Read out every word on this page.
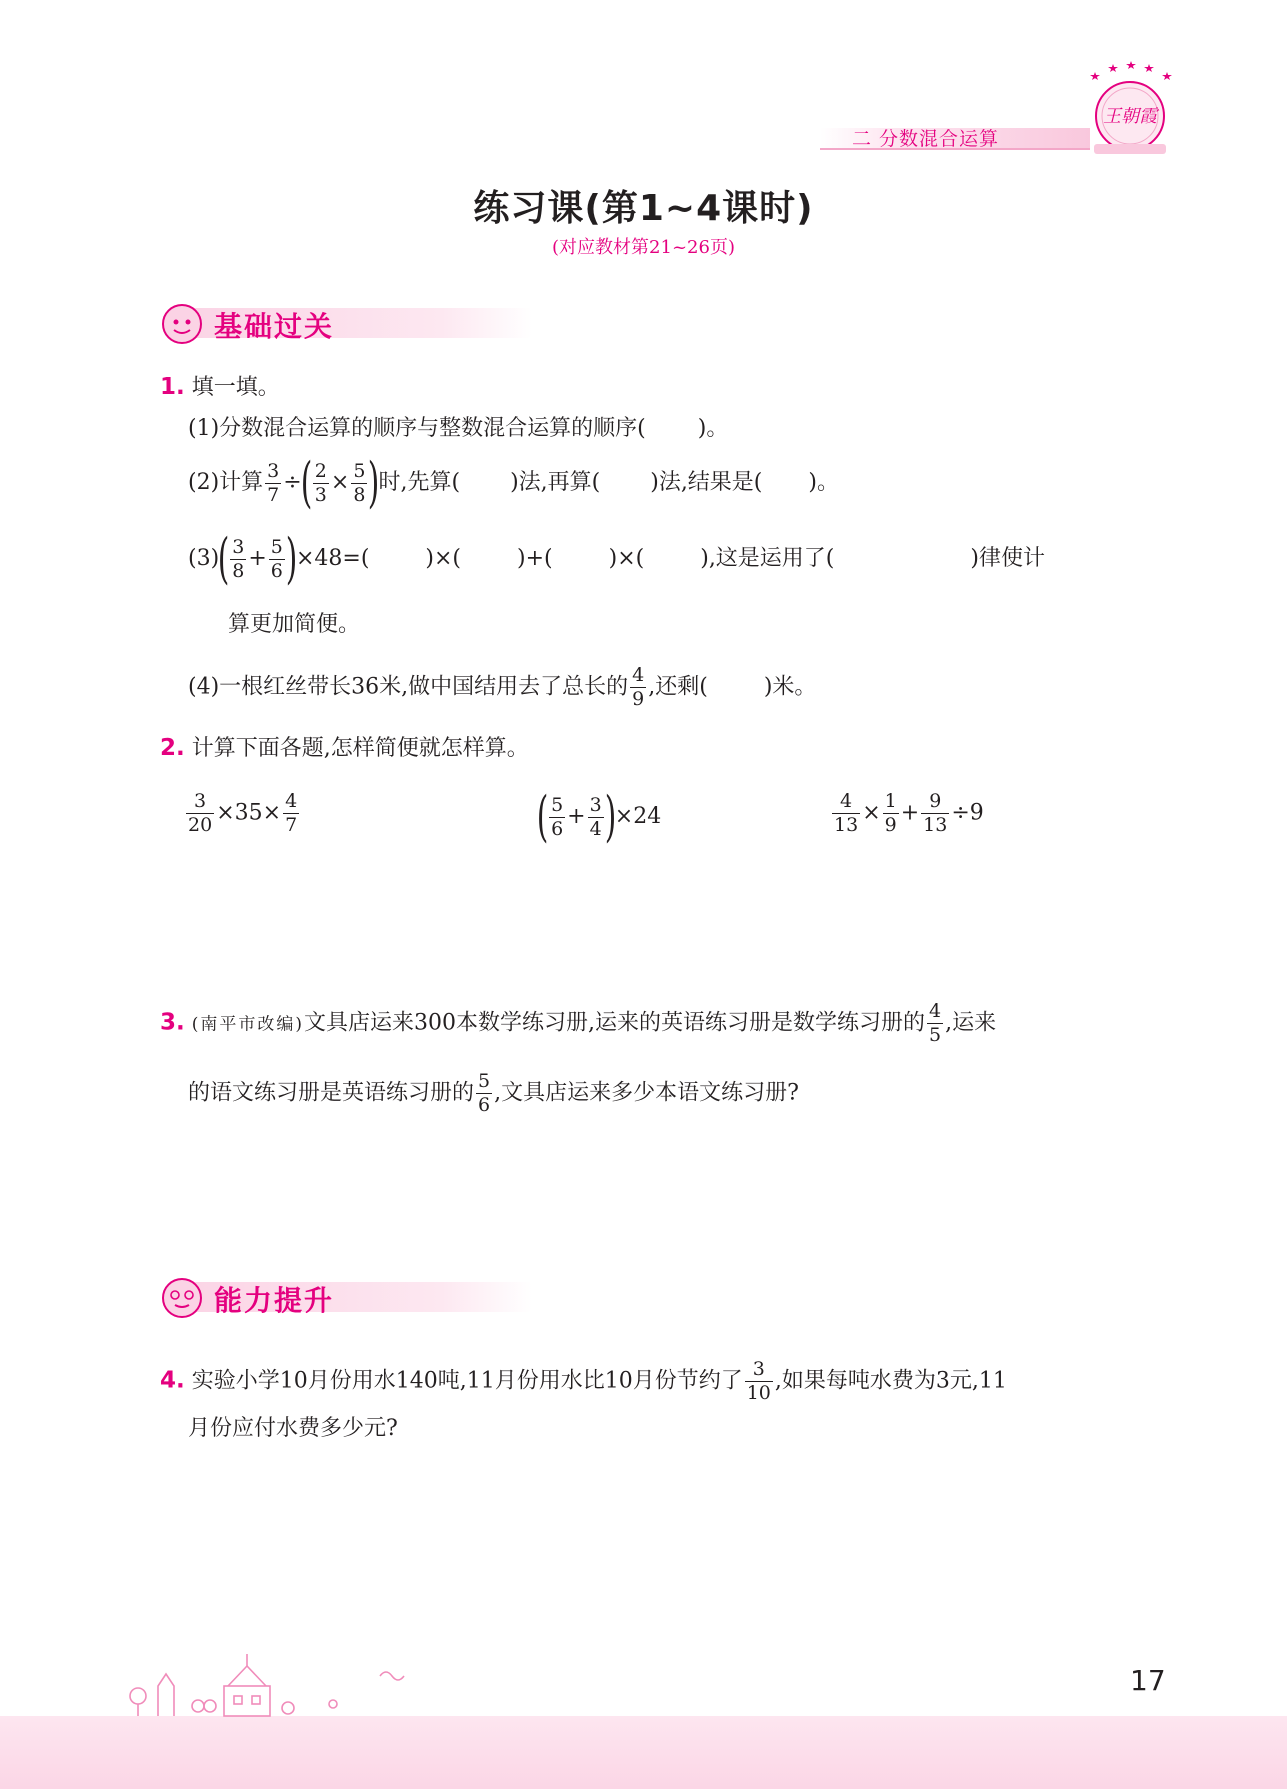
二 分数混合运算
王朝霞
练习课(第1~4课时)
(对应教材第21~26页)
基础过关
1. 填一填。
(1)分数混合运算的顺序与整数混合运算的顺序( )。
(2)计算 $\frac{3}{7}$ ÷( $\frac{2}{3} \times \frac{5}{8}$ )时,先算( )法,再算( )法,结果是( )。
$(3)( \frac{3}{8} + \frac{5}{6} )\times 48=$(	)×(	)+(	)×(	),这是运用了(	)律使计
算更加简便。
(4)一根红丝带长36米,做中国结用去了总长的 $\frac{4}{9}$ ,还剩(	)米。
2. 计算下面各题,怎样简便就怎样算。
$\frac{3}{20} \times 35\times \frac{4}{7}$	( $\frac{5}{6} + \frac{3}{4} )\times 24$	$\frac{4}{13} \times \frac{1}{9} + \frac{9}{13} \div 9$
3. (南平市改编)文具店运来300本数学练习册,运来的英语练习册是数学练习册的 $\frac{4}{5}$ ,运来
的语文练习册是英语练习册的 $\frac{5}{6}$ ,文具店运来多少本语文练习册?
能力提升
4. 实验小学10月份用水140吨,11月份用水比10月份节约了 $\frac{3}{10}$ ,如果每吨水费为3元,11
月份应付水费多少元?
17
